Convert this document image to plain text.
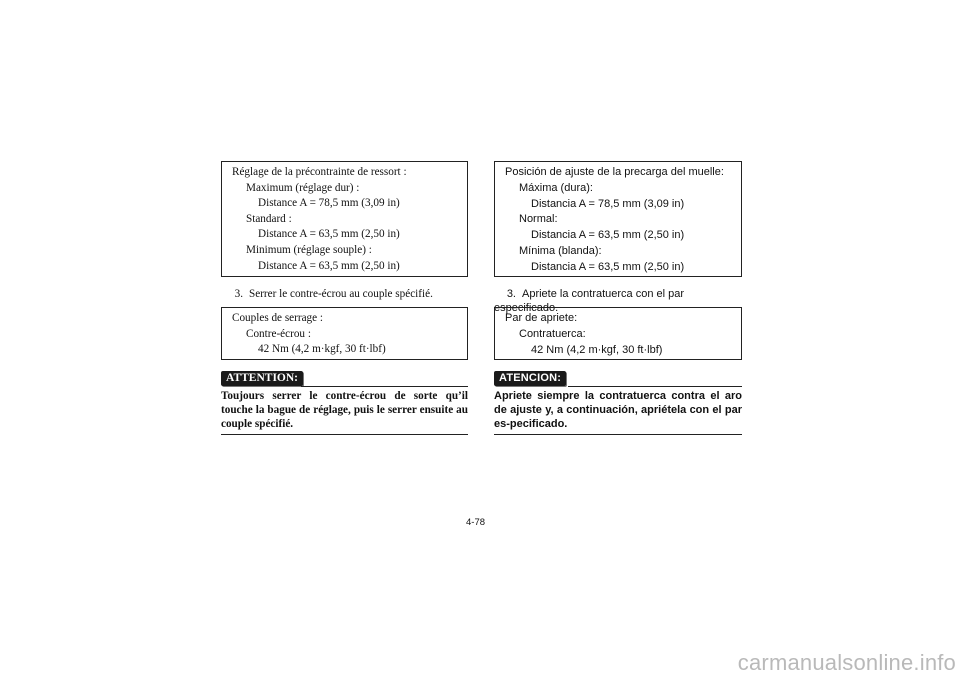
Réglage de la précontrainte de ressort :
Maximum (réglage dur) :
Distance A = 78,5 mm (3,09 in)
Standard :
Distance A = 63,5 mm (2,50 in)
Minimum (réglage souple) :
Distance A = 63,5 mm (2,50 in)
3. Serrer le contre-écrou au couple spécifié.
Couples de serrage :
Contre-écrou :
42 Nm (4,2 m·kgf, 30 ft·lbf)
ATTENTION:
Toujours serrer le contre-écrou de sorte qu’il touche la bague de réglage, puis le serrer ensuite au couple spécifié.
Posición de ajuste de la precarga del muelle:
Máxima (dura):
Distancia A = 78,5 mm (3,09 in)
Normal:
Distancia A = 63,5 mm (2,50 in)
Mínima (blanda):
Distancia A = 63,5 mm (2,50 in)
3. Apriete la contratuerca con el par especificado.
Par de apriete:
Contratuerca:
42 Nm (4,2 m·kgf, 30 ft·lbf)
ATENCION:
Apriete siempre la contratuerca contra el aro de ajuste y, a continuación, apriétela con el par es-pecificado.
4-78
carmanualsonline.info
